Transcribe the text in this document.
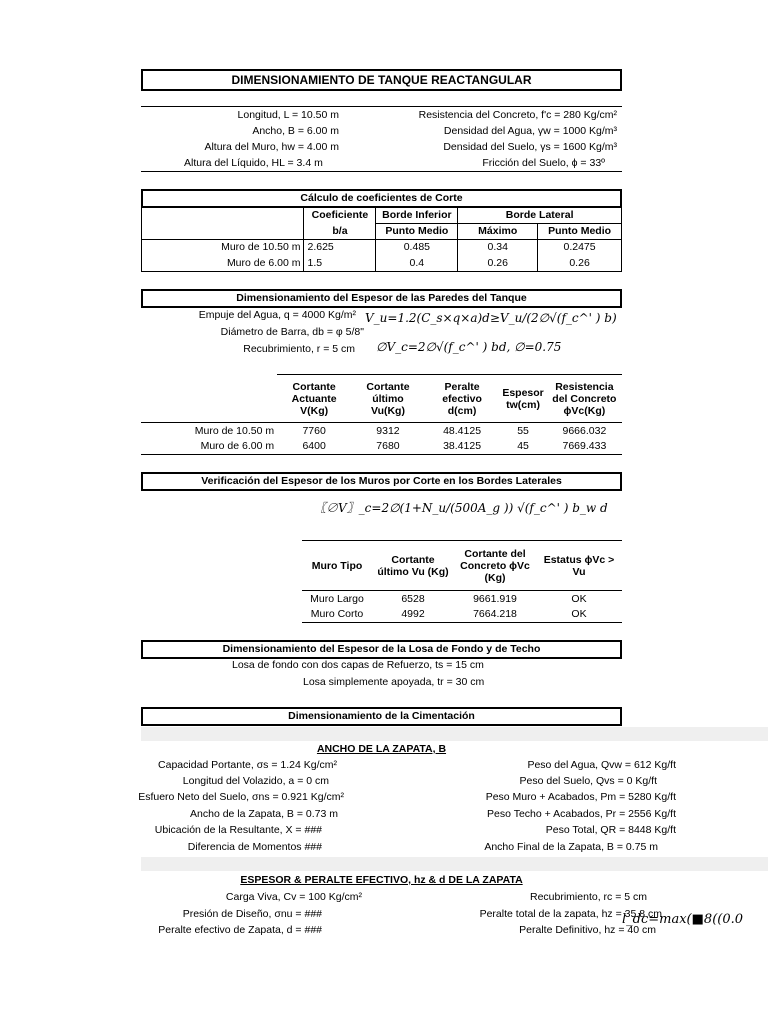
DIMENSIONAMIENTO DE TANQUE REACTANGULAR
Longitud, L = 10.50 m
Ancho, B = 6.00 m
Altura del Muro, hw = 4.00 m
Altura del Líquido, HL = 3.4 m
Resistencia del Concreto, f'c = 280 Kg/cm²
Densidad del Agua, γw = 1000 Kg/m³
Densidad del Suelo, γs = 1600 Kg/m³
Fricción del Suelo, ϕ = 33º
Cálculo de coeficientes de Corte
	Coeficiente	Borde Inferior	Borde Lateral	
	b/a	Punto Medio	Máximo	Punto Medio
Muro de 10.50 m	2.625	0.485	0.34	0.2475
Muro de 6.00 m	1.5	0.4	0.26	0.26
Dimensionamiento del Espesor de las Paredes del Tanque
Empuje del Agua, q = 4000 Kg/m²
Diámetro de Barra, db = φ 5/8"
Recubrimiento, r = 5 cm
V_u=1.2(C_s×q×a)d≥V_u/(2∅√(f_c^' ) b)
∅V_c=2∅√(f_c^' ) bd, ∅=0.75
	Cortante Actuante V(Kg)	Cortante último Vu(Kg)	Peralte efectivo d(cm)	Espesor tw(cm)	Resistencia del Concreto ϕVc(Kg)
Muro de 10.50 m	7760	9312	48.4125	55	9666.032
Muro de 6.00 m	6400	7680	38.4125	45	7669.433
Verificación del Espesor de los Muros por Corte en los Bordes Laterales
〖∅V〗_c=2∅(1+N_u/(500A_g )) √(f_c^' ) b_w d
Muro Tipo	Cortante último Vu (Kg)	Cortante del Concreto ϕVc (Kg)	Estatus ϕVc > Vu
Muro Largo	6528	9661.919	OK
Muro Corto	4992	7664.218	OK
Dimensionamiento del Espesor de la Losa de Fondo y de Techo
Losa de fondo con dos capas de Refuerzo, ts = 15 cm
Losa simplemente apoyada, tr = 30 cm
Dimensionamiento de la Cimentación
ANCHO DE LA ZAPATA, B
Capacidad Portante, σs = 1.24 Kg/cm²
Longitud del Volazido, a = 0 cm
Esfuero Neto del Suelo, σns = 0.921 Kg/cm²
Ancho de la Zapata, B = 0.73 m
Ubicación de la Resultante, X = ###
Diferencia de Momentos ###
Peso del Agua, Qvw = 612 Kg/ft
Peso del Suelo, Qvs = 0 Kg/ft
Peso Muro + Acabados, Pm = 5280 Kg/ft
Peso Techo + Acabados, Pr = 2556 Kg/ft
Peso Total, QR = 8448 Kg/ft
Ancho Final de la Zapata, B = 0.75 m
ESPESOR & PERALTE EFECTIVO, hz & d DE LA ZAPATA
Carga Viva, Cv = 100 Kg/cm²
Presión de Diseño, σnu = ###
Peralte efectivo de Zapata, d = ###
Recubrimiento, rc = 5 cm
Peralte total de la zapata, hz = 35.8 cm
Peralte Definitivo, hz = 40 cm
l_dc=max(■8((0.0
